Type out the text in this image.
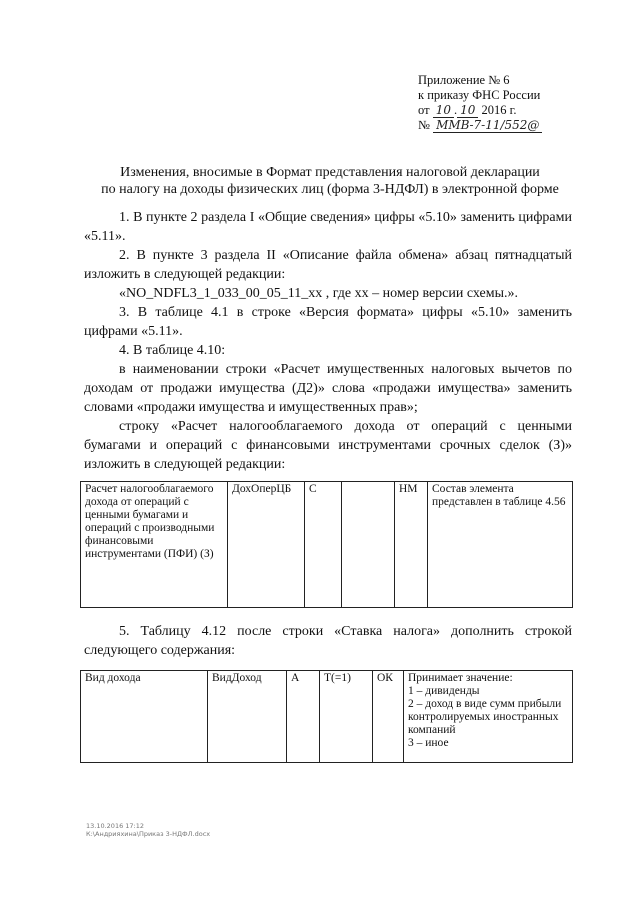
Приложение № 6
к приказу ФНС России
от 10 . 10 2016 г.
№ ММВ-7-11/552@
Изменения, вносимые в Формат представления налоговой декларации
по налогу на доходы физических лиц (форма 3-НДФЛ) в электронной форме

1. В пункте 2 раздела I «Общие сведения» цифры «5.10» заменить цифрами «5.11».

2. В пункте 3 раздела II «Описание файла обмена» абзац пятнадцатый изложить в следующей редакции:

«NO_NDFL3_1_033_00_05_11_xx , где xx – номер версии схемы.».

3. В таблице 4.1 в строке «Версия формата» цифры «5.10» заменить цифрами «5.11».

4. В таблице 4.10:

в наименовании строки «Расчет имущественных налоговых вычетов по доходам от продажи имущества (Д2)» слова «продажи имущества» заменить словами «продажи имущества и имущественных прав»;

строку «Расчет налогооблагаемого дохода от операций с ценными бумагами и операций с финансовыми инструментами срочных сделок (З)» изложить в следующей редакции:

Расчет налогооблагаемого дохода от операций с ценными бумагами и операций с производными финансовыми инструментами (ПФИ) (З)	ДохОперЦБ	С		НМ	Состав элемента представлен в таблице 4.56

5. Таблицу 4.12 после строки «Ставка налога» дополнить строкой следующего содержания:

Вид дохода	ВидДоход	А	Т(=1)	ОК	Принимает значение:
1 – дивиденды
2 – доход в виде сумм прибыли контролируемых иностранных компаний
3 – иное
13.10.2016 17:12
К:\Андрияхина\Приказ 3-НДФЛ.docx
